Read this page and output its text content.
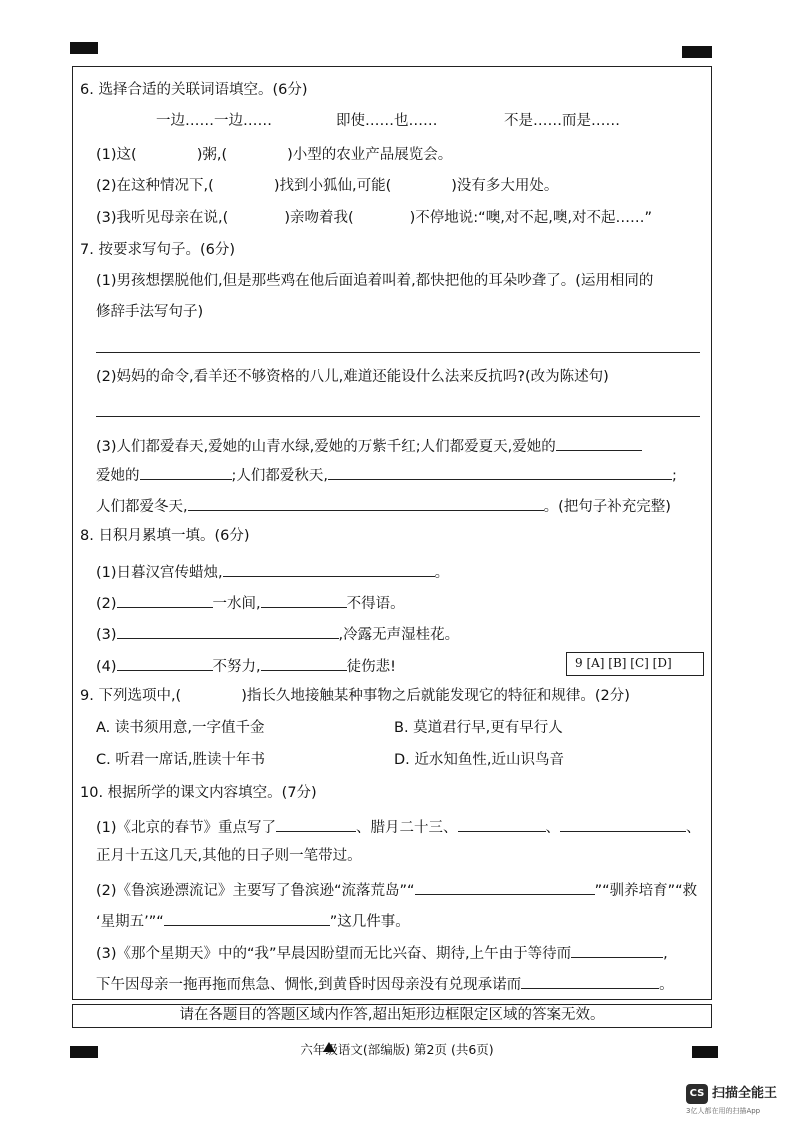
6. 选择合适的关联词语填空。(6分)
一边……一边……	即使……也……	不是……而是……
(1)这(	)粥,(	)小型的农业产品展览会。
(2)在这种情况下,(	)找到小狐仙,可能(	)没有多大用处。
(3)我听见母亲在说,(	)亲吻着我(	)不停地说:“噢,对不起,噢,对不起……”
7. 按要求写句子。(6分)
(1)男孩想摆脱他们,但是那些鸡在他后面追着叫着,都快把他的耳朵吵聋了。(运用相同的
修辞手法写句子)
(2)妈妈的命令,看羊还不够资格的八儿,难道还能设什么法来反抗吗?(改为陈述句)
(3)人们都爱春天,爱她的山青水绿,爱她的万紫千红;人们都爱夏天,爱她的
爱她的	;人们都爱秋天,	;
人们都爱冬天,	。(把句子补充完整)
8. 日积月累填一填。(6分)
(1)日暮汉宫传蜡烛,	。
(2)	一水间,	不得语。
(3)	,冷露无声湿桂花。
(4)	不努力,	徒伤悲!	9 [A] [B] [C] [D]
9. 下列选项中,(	)指长久地接触某种事物之后就能发现它的特征和规律。(2分)
A. 读书须用意,一字值千金	B. 莫道君行早,更有早行人
C. 听君一席话,胜读十年书	D. 近水知鱼性,近山识鸟音
10. 根据所学的课文内容填空。(7分)
(1)《北京的春节》重点写了	、腊月二十三、	、	、
正月十五这几天,其他的日子则一笔带过。
(2)《鲁滨逊漂流记》主要写了鲁滨逊“流落荒岛”“	”“驯养培育”“救
‘星期五’”“	”这几件事。
(3)《那个星期天》中的“我”早晨因盼望而无比兴奋、期待,上午由于等待而	,
下午因母亲一拖再拖而焦急、惆怅,到黄昏时因母亲没有兑现承诺而	。
请在各题目的答题区域内作答,超出矩形边框限定区域的答案无效。
六年级语文(部编版) 第2页 (共6页)
CS 扫描全能王
3亿人都在用的扫描App
